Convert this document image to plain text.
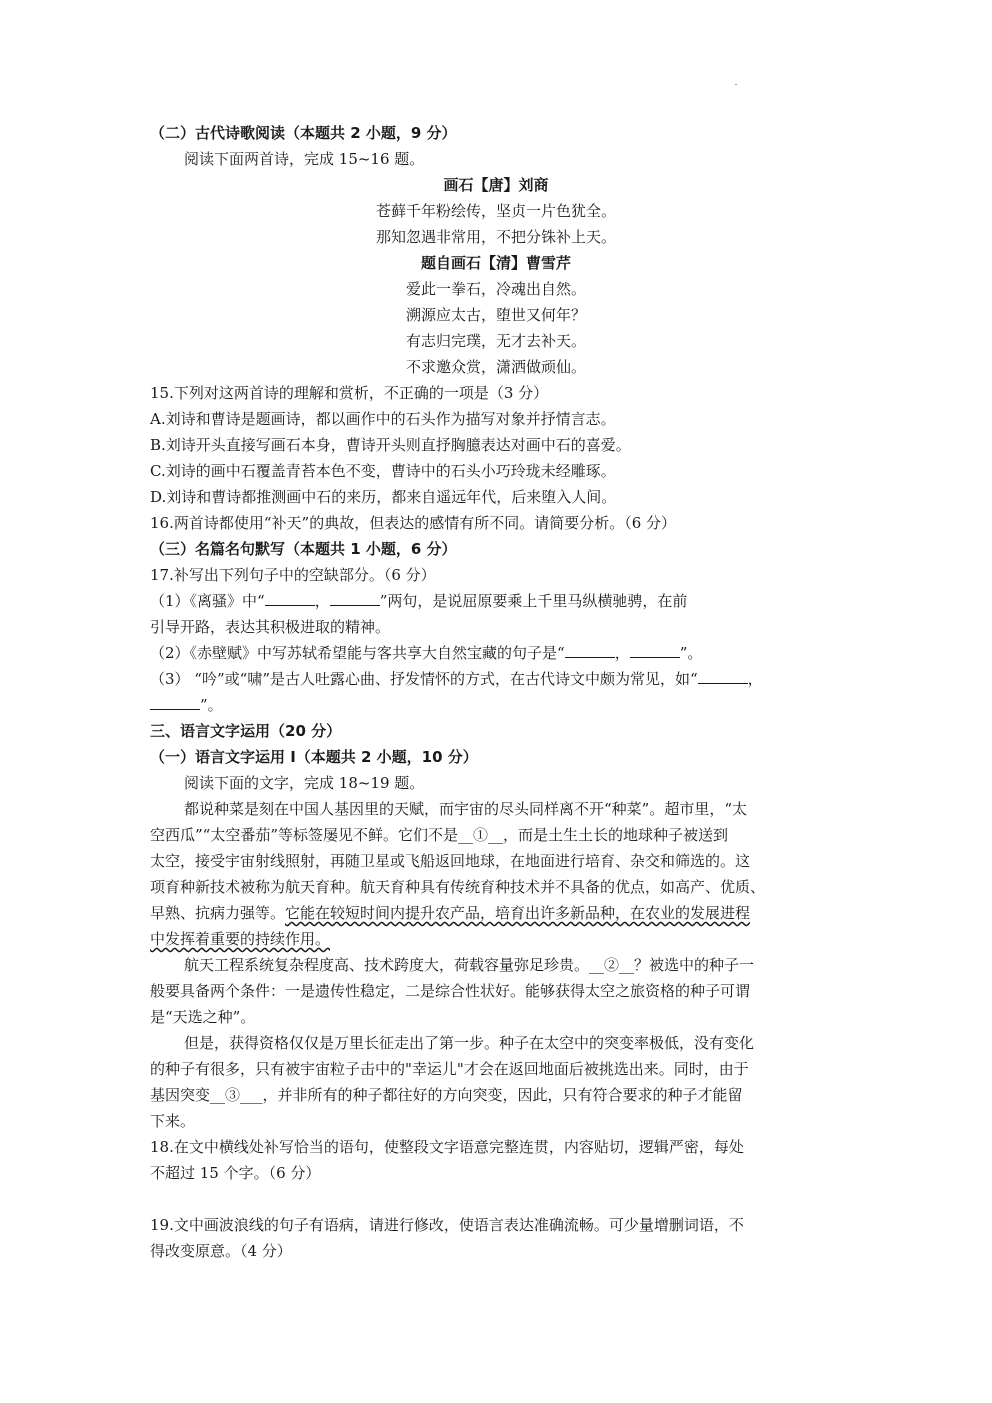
（二）古代诗歌阅读（本题共 2 小题，9 分）
阅读下面两首诗，完成 15~16 题。
画石【唐】刘商
苍藓千年粉绘传，坚贞一片色犹全。
那知忽遇非常用，不把分铢补上天。
题自画石【清】曹雪芹
爱此一拳石，冷魂出自然。
溯源应太古，堕世又何年？
有志归完璞，无才去补天。
不求邀众赏，潇洒做顽仙。
15.下列对这两首诗的理解和赏析，不正确的一项是（3 分）
A.刘诗和曹诗是题画诗，都以画作中的石头作为描写对象并抒情言志。
B.刘诗开头直接写画石本身，曹诗开头则直抒胸臆表达对画中石的喜爱。
C.刘诗的画中石覆盖青苔本色不变，曹诗中的石头小巧玲珑未经雕琢。
D.刘诗和曹诗都推测画中石的来历，都来自遥远年代，后来堕入人间。
16.两首诗都使用“补天”的典故，但表达的感情有所不同。请简要分析。（6 分）
（三）名篇名句默写（本题共 1 小题，6 分）
17.补写出下列句子中的空缺部分。（6 分）
（1）《离骚》中“	，	”两句，是说屈原要乘上千里马纵横驰骋，在前
引导开路，表达其积极进取的精神。
（2）《赤壁赋》中写苏轼希望能与客共享大自然宝藏的句子是“	，	”。
（3） “吟”或“啸”是古人吐露心曲、抒发情怀的方式，在古代诗文中颇为常见，如“	，
”。
三、语言文字运用（20 分）
（一）语言文字运用 I（本题共 2 小题，10 分）
阅读下面的文字，完成 18~19 题。
都说种菜是刻在中国人基因里的天赋，而宇宙的尽头同样离不开“种菜”。超市里，“太
空西瓜”“太空番茄”等标签屡见不鲜。它们不是__①__，而是土生土长的地球种子被送到
太空，接受宇宙射线照射，再随卫星或飞船返回地球，在地面进行培育、杂交和筛选的。这
项育种新技术被称为航天育种。航天育种具有传统育种技术并不具备的优点，如高产、优质、
早熟、抗病力强等。它能在较短时间内提升农产品，培育出许多新品种，在农业的发展进程
中发挥着重要的持续作用。
航天工程系统复杂程度高、技术跨度大，荷载容量弥足珍贵。__②__？被选中的种子一
般要具备两个条件：一是遗传性稳定，二是综合性状好。能够获得太空之旅资格的种子可谓
是“天选之种”。
但是，获得资格仅仅是万里长征走出了第一步。种子在太空中的突变率极低，没有变化
的种子有很多，只有被宇宙粒子击中的"幸运儿"才会在返回地面后被挑选出来。同时，由于
基因突变__③___，并非所有的种子都往好的方向突变，因此，只有符合要求的种子才能留
下来。
18.在文中横线处补写恰当的语句，使整段文字语意完整连贯，内容贴切，逻辑严密，每处
不超过 15 个字。（6 分）
19.文中画波浪线的句子有语病，请进行修改，使语言表达准确流畅。可少量增删词语，不
得改变原意。（4 分）
